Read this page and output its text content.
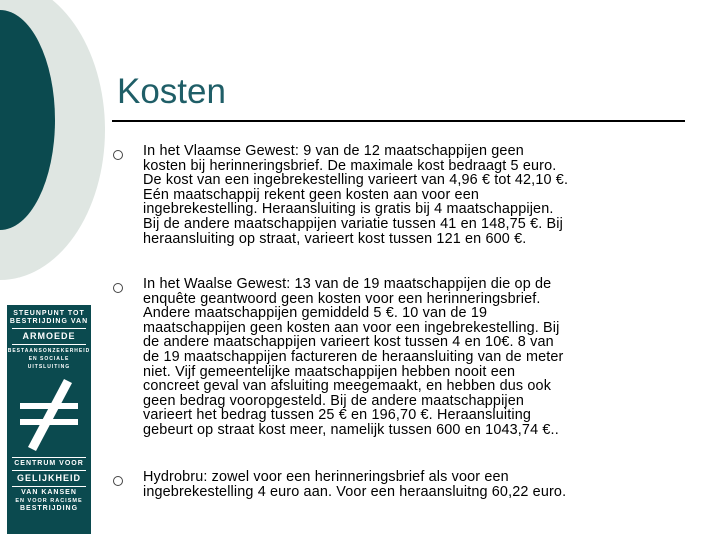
Kosten
In het Vlaamse Gewest: 9 van de 12 maatschappijen geen
kosten bij herinneringsbrief. De maximale kost bedraagt 5 euro.
De kost van een ingebrekestelling varieert van 4,96 € tot 42,10 €.
Eén maatschappij rekent geen kosten aan voor een
ingebrekestelling. Heraansluiting is gratis bij 4 maatschappijen.
Bij de andere maatschappijen variatie tussen 41 en 148,75 €. Bij
heraansluiting op straat, varieert kost tussen 121 en 600 €.
In het Waalse Gewest: 13 van de 19 maatschappijen die op de
enquête geantwoord geen kosten voor een herinneringsbrief.
Andere maatschappijen gemiddeld 5 €. 10 van de 19
maatschappijen geen kosten aan voor een ingebrekestelling. Bij
de andere maatschappijen varieert kost tussen 4 en 10€. 8 van
de 19 maatschappijen factureren de heraansluiting van de meter
niet. Vijf gemeentelijke maatschappijen hebben nooit een
concreet geval van afsluiting meegemaakt, en hebben dus ook
geen bedrag vooropgesteld. Bij de andere maatschappijen
varieert het bedrag tussen 25 € en 196,70 €. Heraansluiting
gebeurt op straat kost meer, namelijk tussen 600 en 1043,74 €..
Hydrobru: zowel voor een herinneringsbrief als voor een
ingebrekestelling 4 euro aan. Voor een heraansluitng 60,22 euro.
STEUNPUNT TOT
BESTRIJDING VAN
ARMOEDE
BESTAANSONZEKERHEID
EN SOCIALE UITSLUITING
CENTRUM VOOR
GELIJKHEID
VAN KANSEN
EN VOOR RACISME
BESTRIJDING
